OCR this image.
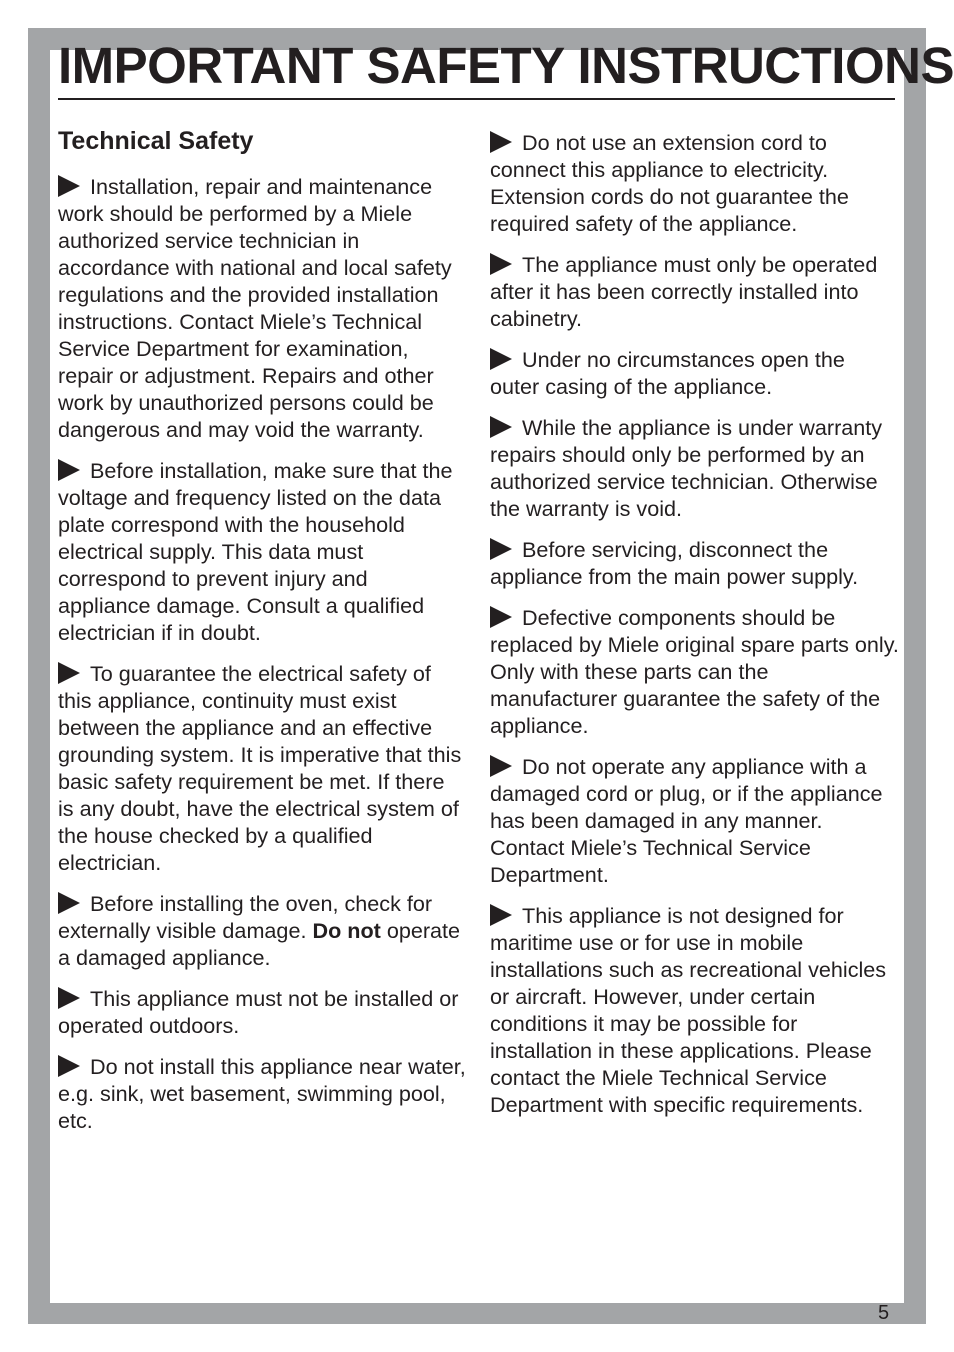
IMPORTANT SAFETY INSTRUCTIONS
Technical Safety

Installation, repair and maintenance work should be performed by a Miele authorized service technician in accordance with national and local safety regulations and the provided installation instructions. Contact Miele’s Technical Service Department for examination, repair or adjustment. Repairs and other work by unauthorized persons could be dangerous and may void the warranty.

Before installation, make sure that the voltage and frequency listed on the data plate correspond with the household electrical supply. This data must correspond to prevent injury and appliance damage. Consult a qualified electrician if in doubt.

To guarantee the electrical safety of this appliance, continuity must exist between the appliance and an effective grounding system. It is imperative that this basic safety requirement be met. If there is any doubt, have the electrical system of the house checked by a qualified electrician.

Before installing the oven, check for externally visible damage. Do not operate a damaged appliance.

This appliance must not be installed or operated outdoors.

Do not install this appliance near water, e.g. sink, wet basement, swimming pool, etc.

Do not use an extension cord to connect this appliance to electricity. Extension cords do not guarantee the required safety of the appliance.

The appliance must only be operated after it has been correctly installed into cabinetry.

Under no circumstances open the outer casing of the appliance.

While the appliance is under warranty repairs should only be performed by an authorized service technician. Otherwise the warranty is void.

Before servicing, disconnect the appliance from the main power supply.

Defective components should be replaced by Miele original spare parts only. Only with these parts can the manufacturer guarantee the safety of the appliance.

Do not operate any appliance with a damaged cord or plug, or if the appliance has been damaged in any manner. Contact Miele’s Technical Service Department.

This appliance is not designed for maritime use or for use in mobile installations such as recreational vehicles or aircraft. However, under certain conditions it may be possible for installation in these applications. Please contact the Miele Technical Service Department with specific requirements.

5
